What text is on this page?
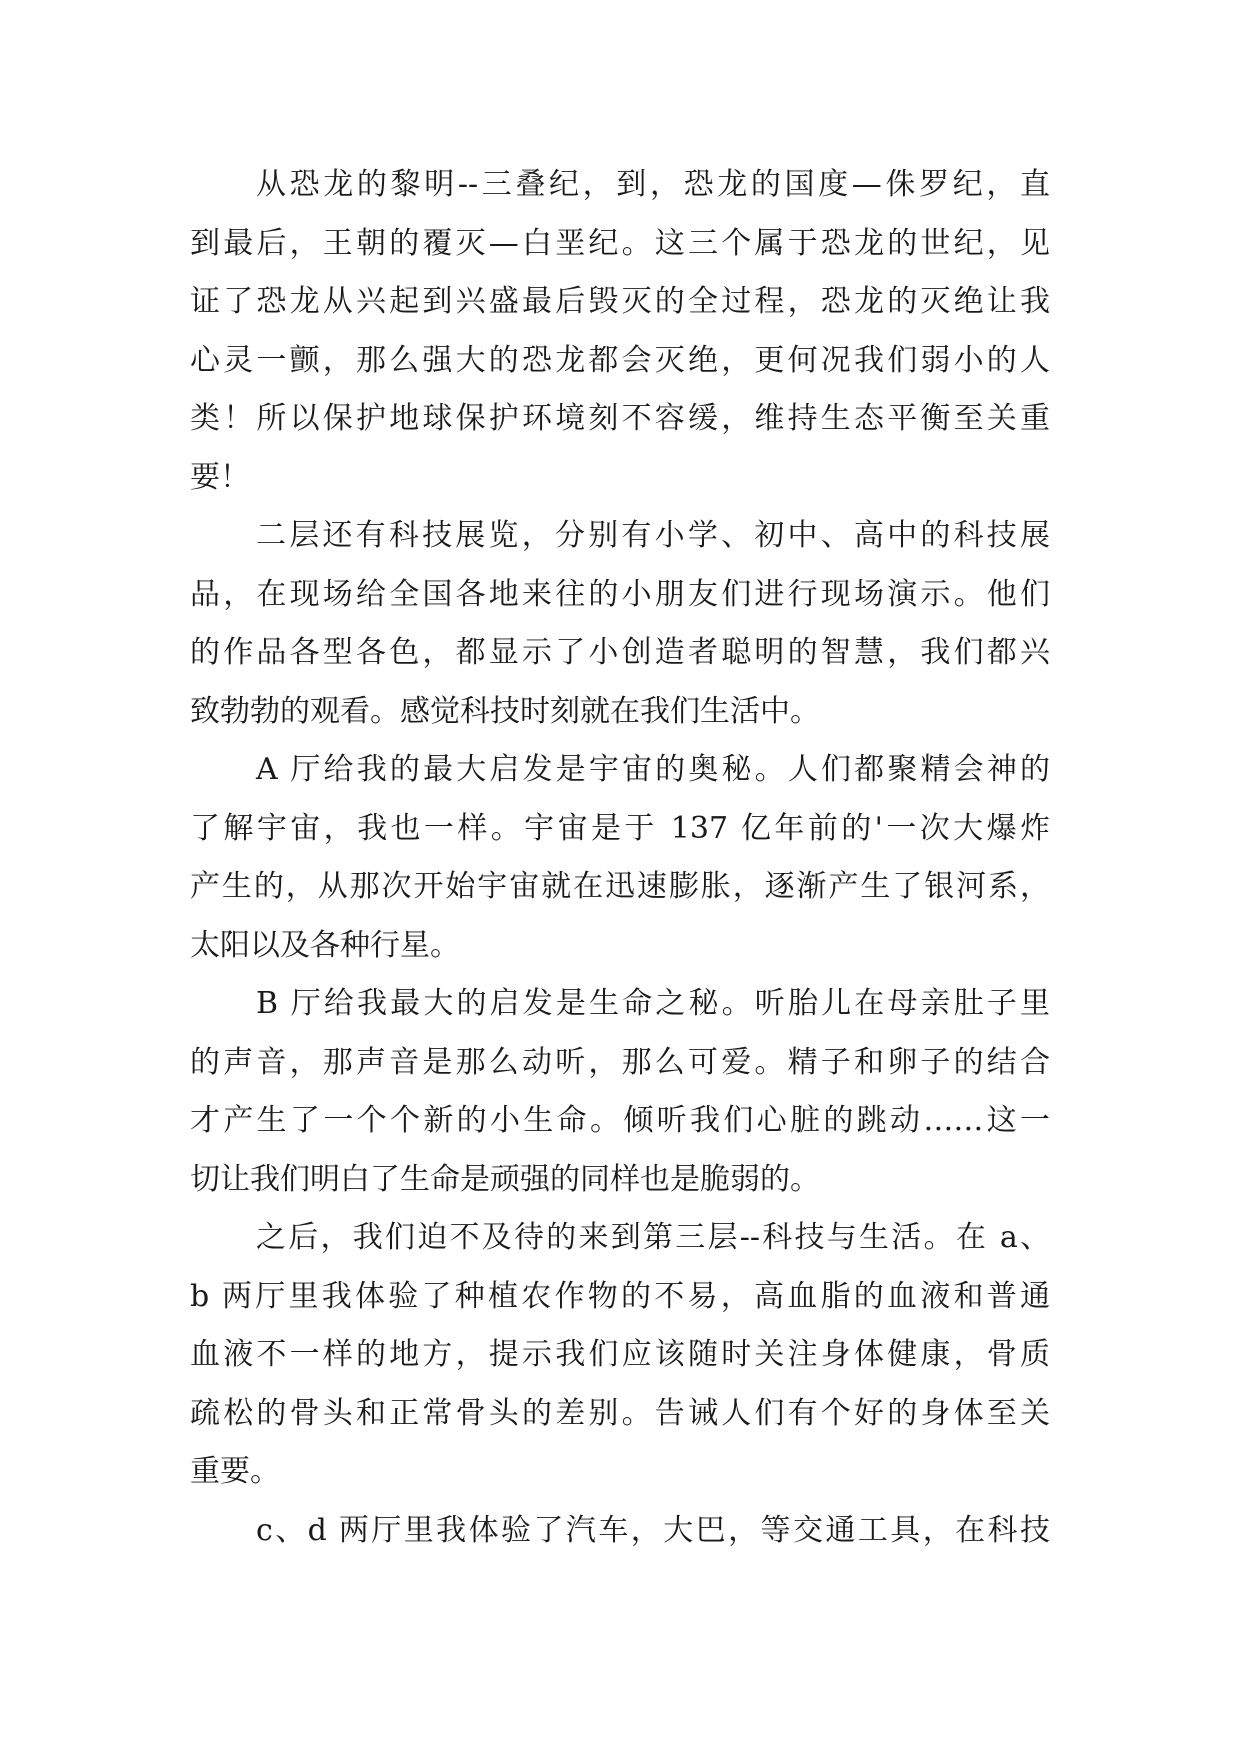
从恐龙的黎明--三叠纪，到，恐龙的国度—侏罗纪，直
到最后，王朝的覆灭—白垩纪。这三个属于恐龙的世纪，见
证了恐龙从兴起到兴盛最后毁灭的全过程，恐龙的灭绝让我
心灵一颤，那么强大的恐龙都会灭绝，更何况我们弱小的人
类！所以保护地球保护环境刻不容缓，维持生态平衡至关重
要！
二层还有科技展览，分别有小学、初中、高中的科技展
品，在现场给全国各地来往的小朋友们进行现场演示。他们
的作品各型各色，都显示了小创造者聪明的智慧，我们都兴
致勃勃的观看。感觉科技时刻就在我们生活中。
A 厅给我的最大启发是宇宙的奥秘。人们都聚精会神的
了解宇宙，我也一样。宇宙是于 137 亿年前的'一次大爆炸
产生的，从那次开始宇宙就在迅速膨胀，逐渐产生了银河系，
太阳以及各种行星。
B 厅给我最大的启发是生命之秘。听胎儿在母亲肚子里
的声音，那声音是那么动听，那么可爱。精子和卵子的结合
才产生了一个个新的小生命。倾听我们心脏的跳动……这一
切让我们明白了生命是顽强的同样也是脆弱的。
之后，我们迫不及待的来到第三层--科技与生活。在 a、
b 两厅里我体验了种植农作物的不易，高血脂的血液和普通
血液不一样的地方，提示我们应该随时关注身体健康，骨质
疏松的骨头和正常骨头的差别。告诫人们有个好的身体至关
重要。
c、d 两厅里我体验了汽车，大巴，等交通工具，在科技
